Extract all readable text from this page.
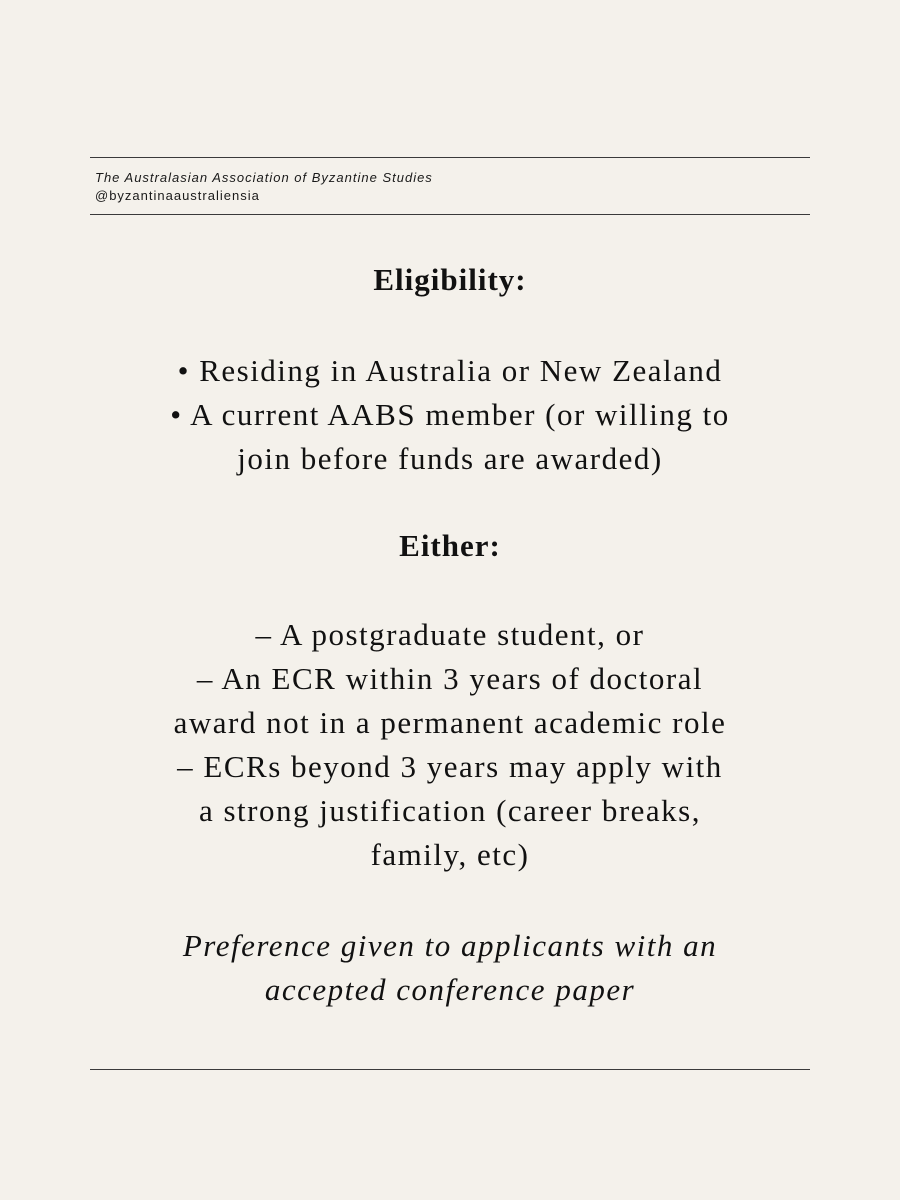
The Australasian Association of Byzantine Studies
@byzantinaaustraliensia
Eligibility:
• Residing in Australia or New Zealand
• A current AABS member (or willing to
join before funds are awarded)
Either:
– A postgraduate student, or
– An ECR within 3 years of doctoral
award not in a permanent academic role
– ECRs beyond 3 years may apply with
a strong justification (career breaks,
family, etc)
Preference given to applicants with an
accepted conference paper
